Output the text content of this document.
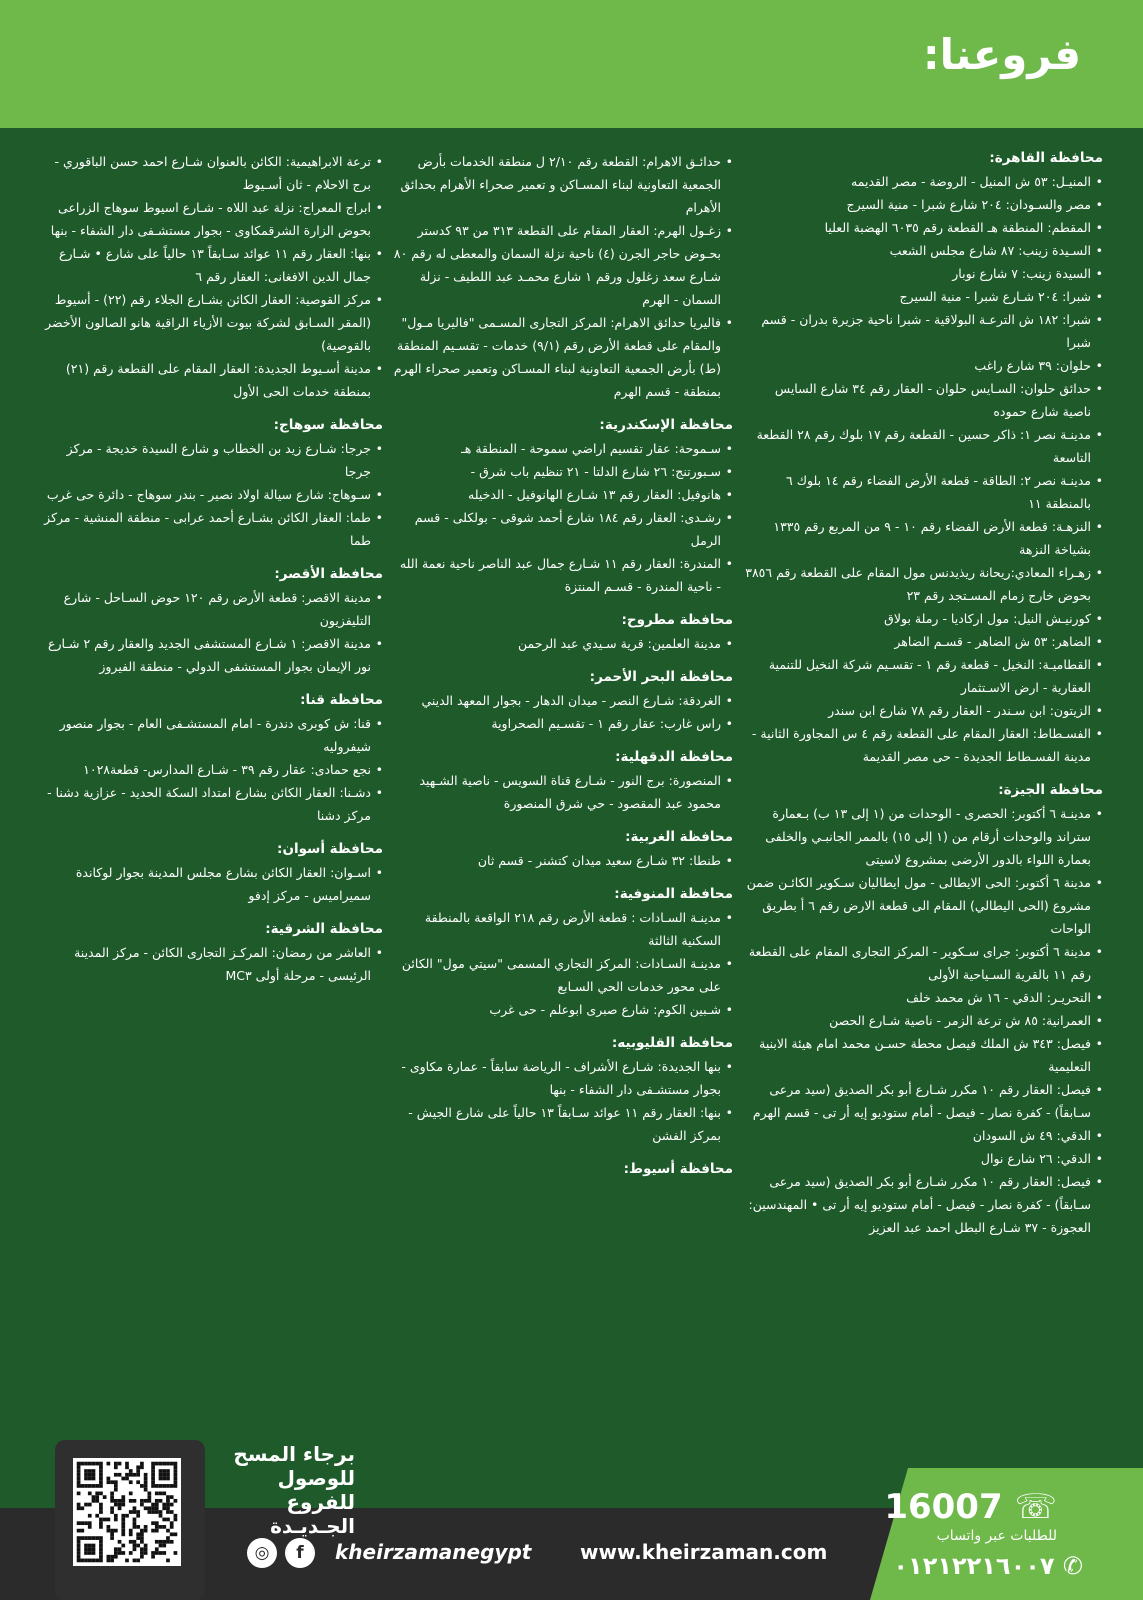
فروعنا:
محافظة القاهرة:
• المنيـل: ٥٣ ش المنيل - الروضة - مصر القديمه
• مصر والسـودان: ٢٠٤ شارع شبرا - منية السيرج
• المقطم: المنطقة هـ القطعة رقم ٦٠٣٥ الهضبة العليا
• السـيدة زينب: ٨٧ شارع مجلس الشعب
• السيدة زينب: ٧ شارع نوبار
• شبرا: ٢٠٤ شـارع شبرا - منية السيرج
• شبرا: ١٨٢ ش الترعـة البولاقية - شبرا ناحية جزيرة بدران - قسم شبرا
• حلوان: ٣٩ شارع راغب
• حدائق حلوان: السـايس حلوان - العقار رقم ٣٤ شارع السايس ناصية شارع حموده
• مدينـة نصر ١: ذاكر حسين - القطعة رقم ١٧ بلوك رقم ٢٨ القطعة التاسعة
• مدينـة نصر ٢: الطاقة - قطعة الأرض الفضاء رقم ١٤ بلوك ٦ بالمنطقة ١١
• النزهـة: قطعة الأرض الفضاء رقم ١٠ - ٩ من المربع رقم ١٣٣٥ بشياخة النزهة
• زهـراء المعادي:ريحانة ريذيدنس مول المقام على القطعة رقم ٣٨٥٦ بحوض خارج زمام المسـتجد رقم ٢٣
• كورنيـش النيل: مول اركاديا - رملة بولاق
• الضاهر: ٥٣ ش الضاهر - قسـم الضاهر
• القطاميـة: النخيل - قطعة رقم ١ - تقسـيم شركة النخيل للتنمية العقارية - ارض الاسـتثمار
• الزيتون: ابن سـندر - العقار رقم ٧٨ شارع ابن سندر
• الفسـطاط: العقار المقام على القطعة رقم ٤ س المجاورة الثانية - مدينة الفسـطاط الجديدة - حى مصر القديمة
محافظة الجيزة:
• مدينـة ٦ أكتوبر: الحصرى - الوحدات من (١ إلى ١٣ ب) بـعمارة ستراند والوحدات أرقام من (١ إلى ١٥) بالممر الجانبـي والخلفى بعمارة اللواء بالدور الأرضى بمشروع لاسيتى
• مدينة ٦ أكتوبر: الحى الايطالى - مول ايطاليان سـكوير الكائـن ضمن مشروع (الحى اليطالي) المقام الى قطعة الارض رقم ٦ أ بطريق الواحات
• مدينة ٦ أكتوبر: جراى سـكوير - المركز التجارى المقام على القطعة رقم ١١ بالقرية السـياحية الأولى
• التحريـر: الدقي - ١٦ ش محمد خلف
• العمرانية: ٨٥ ش ترعة الزمر - ناصية شـارع الحصن
• فيصل: ٣٤٣ ش الملك فيصل محطة حسـن محمد امام هيئة الابنية التعليمية
• فيصل: العقار رقم ١٠ مكرر شـارع أبو بكر الصديق (سيد مرعى سـابقاً) - كفرة نصار - فيصل - أمام ستوديو إيه أر تى - قسم الهرم
• الدقي: ٤٩ ش السودان
• الدقي: ٢٦ شارع نوال
• فيصل: العقار رقم ١٠ مكرر شـارع أبو بكر الصديق (سيد مرعى سـابقاً) - كفرة نصار - فيصل - أمام ستوديو إيه أر تى • المهندسين: العجوزة - ٣٧ شـارع البطل احمد عبد العزيز
• حدائـق الاهرام: القطعة رقم ٢/١٠ ل منطقة الخدمات بأرض الجمعية التعاونية لبناء المسـاكن و تعمير صحراء الأهرام بحدائق الأهرام
• زغـول الهرم: العقار المقام على القطعة ٣١٣ من ٩٣ كدستر بحـوض حاجر الجرن (٤) ناحية نزلة السمان والمعطى له رقم ٨٠ شـارع سعد زغلول ورقم ١ شارع محمـد عبد اللطيف - نزلة السمان - الهرم
• فاليريا حدائق الاهرام: المركز التجارى المسـمى "فاليريا مـول" والمقام على قطعة الأرض رقم (٩/١) خدمات - تقسـيم المنطقة (ط) بأرض الجمعية التعاونية لبناء المسـاكن وتعمير صحراء الهرم بمنطقة - قسم الهرم
محافظة الإسكندرية:
• سـموحة: عقار تقسيم اراضي سموحة - المنطقة هـ
• سـبورتنج: ٢٦ شارع الدلتا - ٢١ تنظيم باب شرق -
• هانوفيل: العقار رقم ١٣ شـارع الهانوفيل - الدخيله
• رشـدى: العقار رقم ١٨٤ شارع أحمد شوقى - بولكلى - قسم الرمل
• المندرة: العقار رقم ١١ شـارع جمال عبد الناصر ناحية نعمة الله - ناحية المندرة - قسـم المنتزة
محافظة مطروح:
• مدينة العلمين: قرية سـيدي عبد الرحمن
محافظة البحر الأحمر:
• الغردقة: شـارع النصر - ميدان الدهار - بجوار المعهد الديني
• راس غارب: عقار رقم ١ - تقسـيم الصحراوية
محافظة الدقهلية:
• المنصورة: برج النور - شـارع قناة السويس - ناصية الشـهيد محمود عبد المقصود - حي شرق المنصورة
محافظة الغربية:
• طنطا: ٣٢ شـارع سعيد ميدان كتشنر - قسم ثان
محافظة المنوفية:
• مدينـة السـادات : قطعة الأرض رقم ٢١٨ الواقعة بالمنطقة السكنية الثالثة
• مدينـة السـادات: المركز التجاري المسمى "سيتي مول" الكائن على محور خدمات الحي السـابع
• شـبين الكوم: شارع صبرى ابوعلم - حى غرب
محافظة القليوبيه:
• بنها الجديدة: شـارع الأشراف - الرياضة سابقاً - عمارة مكاوى - بجوار مستشـفى دار الشفاء - بنها
• بنها: العقار رقم ١١ عوائد سـابقاً ١٣ حالياً على شارع الجيش - بمركز الفشن
محافظة أسيوط:
• ترعة الابراهيمية: الكائن بالعنوان شـارع احمد حسن الباقوري - برج الاحلام - ثان أسـيوط
• ابراج المعراج: نزلة عبد اللاه - شـارع اسيوط سوهاج الزراعى بحوض الزارة الشرقمكاوى - بجوار مستشـفى دار الشفاء - بنها
• بنها: العقار رقم ١١ عوائد سـابقاً ١٣ حالياً على شارع • شـارع جمال الدين الافغانى: العقار رقم ٦
• مركز القوصية: العقار الكائن بشـارع الجلاء رقم (٢٢) - أسيوط (المقر السـابق لشركة بيوت الأزياء الراقية هانو الصالون الأخضر بالقوصية)
• مدينة أسـيوط الجديدة: العقار المقام على القطعة رقم (٢١) بمنطقة خدمات الحى الأول
محافظة سوهاج:
• جرجا: شـارع زيد بن الخطاب و شارع السيدة خديجة - مركز جرجا
• سـوهاج: شارع سيالة اولاد نصير - بندر سوهاج - دائرة حى غرب
• طما: العقار الكائن بشـارع أحمد عرابى - منطقة المنشية - مركز طما
محافظة الأقصر:
• مدينة الاقصر: قطعة الأرض رقم ١٢٠ حوض السـاحل - شارع التليفزيون
• مدينة الاقصر: ١ شـارع المستشفى الجديد والعقار رقم ٢ شـارع نور الإيمان بجوار المستشفى الدولي - منطقة الفيروز
محافظة قنا:
• قنا: ش كوبرى دندرة - امام المستشـفى العام - بجوار منصور شيفروليه
• نجع حمادى: عقار رقم ٣٩ - شـارع المدارس- قطعة١٠٢٨
• دشـنا: العقار الكائن بشارع امتداد السكة الحديد - عزازية دشنا - مركز دشنا
محافظة أسوان:
• اسـوان: العقار الكائن بشارع مجلس المدينة بجوار لوكاندة سميراميس - مركز إدفو
محافظة الشرقية:
• العاشر من رمضان: المركـز التجارى الكائن - مركز المدينة الرئيسى - مرحلة أولى MC٣
16007 ☏
للطلبات عبر واتساب
✆ ٠١٢١٢٢١٦٠٠٧
www.kheirzaman.com
kheirzamanegypt
f
◎
برجاء المسح للوصول للفروع الجـديـدة
